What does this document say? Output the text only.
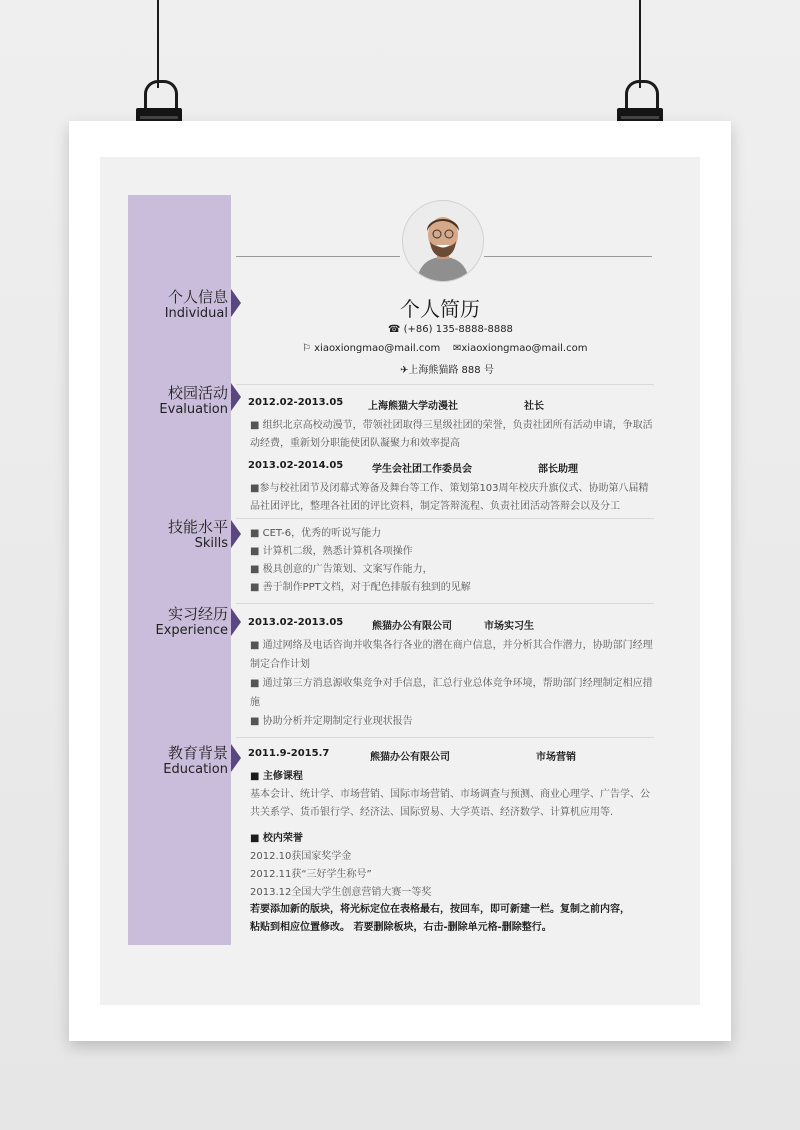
个人简历
☎ (+86) 135-8888-8888
⚐ xiaoxiongmao@mail.com ✉xiaoxiongmao@mail.com
✈上海熊猫路 888 号
个人信息
Individual
校园活动
Evaluation
技能水平
Skills
实习经历
Experience
教育背景
Education
2012.02-2013.05 上海熊猫大学动漫社	社长
■ 组织北京高校动漫节，带领社团取得三星级社团的荣誉，负责社团所有活动申请，争取活
动经费，重新划分职能使团队凝聚力和效率提高
2013.02-2014.05	学生会社团工作委员会	部长助理
■参与校社团节及闭幕式筹备及舞台等工作、策划第103周年校庆升旗仪式、协助第八届精
品社团评比，整理各社团的评比资料，制定答辩流程、负责社团活动答辩会以及分工
■ CET-6，优秀的听说写能力
■ 计算机二级，熟悉计算机各项操作
■ 极具创意的广告策划、文案写作能力，
■ 善于制作PPT文档，对于配色排版有独到的见解
2013.02-2013.05	熊猫办公有限公司	市场实习生
■ 通过网络及电话咨询并收集各行各业的潜在商户信息，并分析其合作潜力，协助部门经理
制定合作计划
■ 通过第三方消息源收集竞争对手信息，汇总行业总体竞争环境，帮助部门经理制定相应措
施
■ 协助分析并定期制定行业现状报告
2011.9-2015.7	熊猫办公有限公司	市场营销
■ 主修课程
基本会计、统计学、市场营销、国际市场营销、市场调查与预测、商业心理学、广告学、公
共关系学、货币银行学、经济法、国际贸易、大学英语、经济数学、计算机应用等.
■ 校内荣誉
2012.10获国家奖学金
2012.11获“三好学生称号”
2013.12全国大学生创意营销大赛一等奖
若要添加新的版块，将光标定位在表格最右，按回车，即可新建一栏。复制之前内容，
粘贴到相应位置修改。 若要删除板块，右击-删除单元格-删除整行。
